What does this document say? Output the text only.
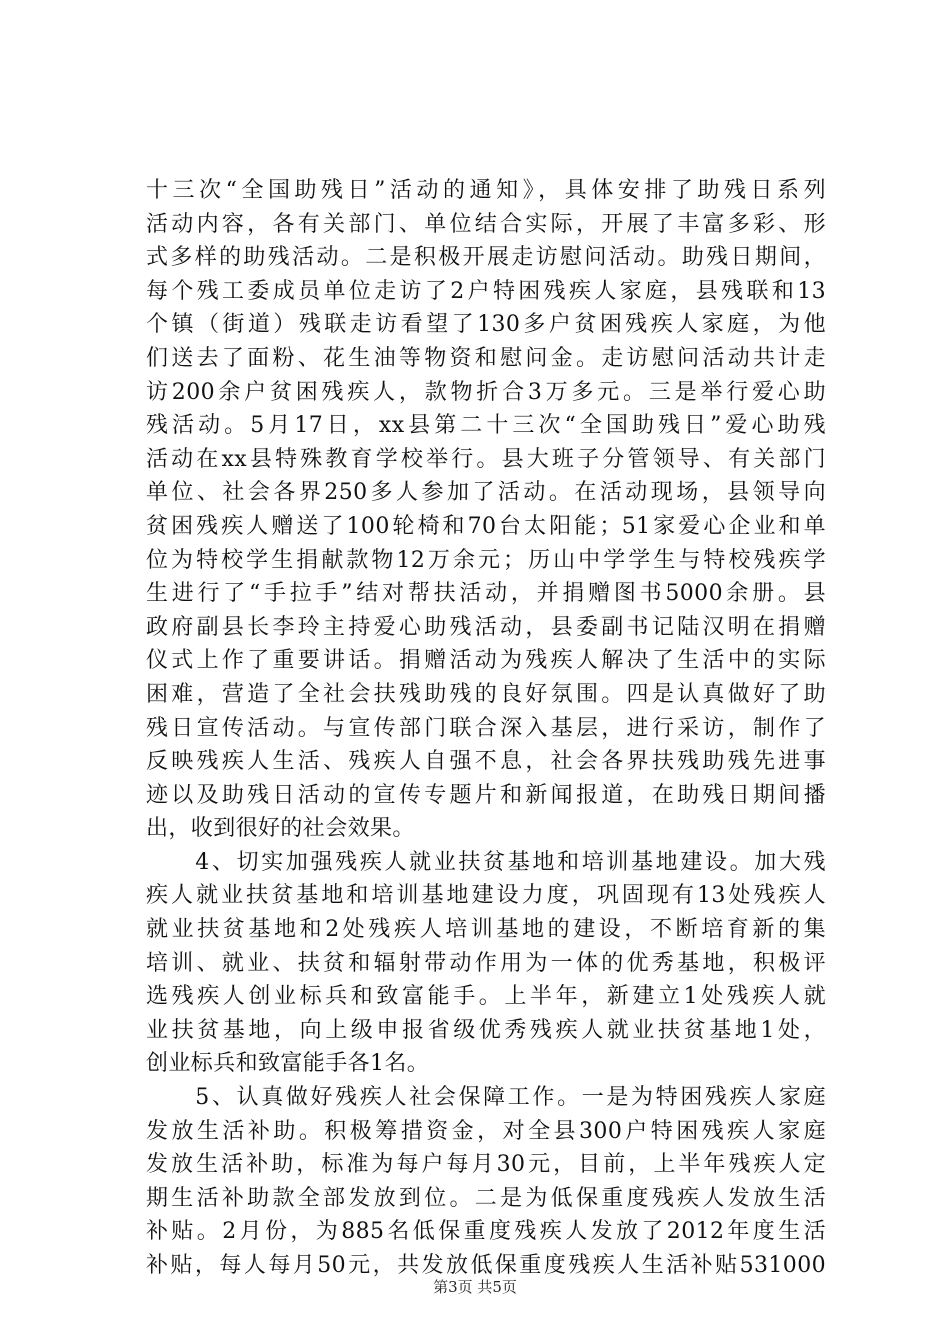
十三次“全国助残日”活动的通知》，具体安排了助残日系列
活动内容，各有关部门、单位结合实际，开展了丰富多彩、形
式多样的助残活动。二是积极开展走访慰问活动。助残日期间，
每个残工委成员单位走访了2户特困残疾人家庭，县残联和13
个镇（街道）残联走访看望了130多户贫困残疾人家庭，为他
们送去了面粉、花生油等物资和慰问金。走访慰问活动共计走
访200余户贫困残疾人，款物折合3万多元。三是举行爱心助
残活动。5月17日，xx县第二十三次“全国助残日”爱心助残
活动在xx县特殊教育学校举行。县大班子分管领导、有关部门
单位、社会各界250多人参加了活动。在活动现场，县领导向
贫困残疾人赠送了100轮椅和70台太阳能；51家爱心企业和单
位为特校学生捐献款物12万余元；历山中学学生与特校残疾学
生进行了“手拉手”结对帮扶活动，并捐赠图书5000余册。县
政府副县长李玲主持爱心助残活动，县委副书记陆汉明在捐赠
仪式上作了重要讲话。捐赠活动为残疾人解决了生活中的实际
困难，营造了全社会扶残助残的良好氛围。四是认真做好了助
残日宣传活动。与宣传部门联合深入基层，进行采访，制作了
反映残疾人生活、残疾人自强不息，社会各界扶残助残先进事
迹以及助残日活动的宣传专题片和新闻报道，在助残日期间播
出，收到很好的社会效果。
　　4、切实加强残疾人就业扶贫基地和培训基地建设。加大残
疾人就业扶贫基地和培训基地建设力度，巩固现有13处残疾人
就业扶贫基地和2处残疾人培训基地的建设，不断培育新的集
培训、就业、扶贫和辐射带动作用为一体的优秀基地，积极评
选残疾人创业标兵和致富能手。上半年，新建立1处残疾人就
业扶贫基地，向上级申报省级优秀残疾人就业扶贫基地1处，
创业标兵和致富能手各1名。
　　5、认真做好残疾人社会保障工作。一是为特困残疾人家庭
发放生活补助。积极筹措资金，对全县300户特困残疾人家庭
发放生活补助，标准为每户每月30元，目前，上半年残疾人定
期生活补助款全部发放到位。二是为低保重度残疾人发放生活
补贴。2月份，为885名低保重度残疾人发放了2012年度生活
补贴，每人每月50元，共发放低保重度残疾人生活补贴531000
第3页 共5页
